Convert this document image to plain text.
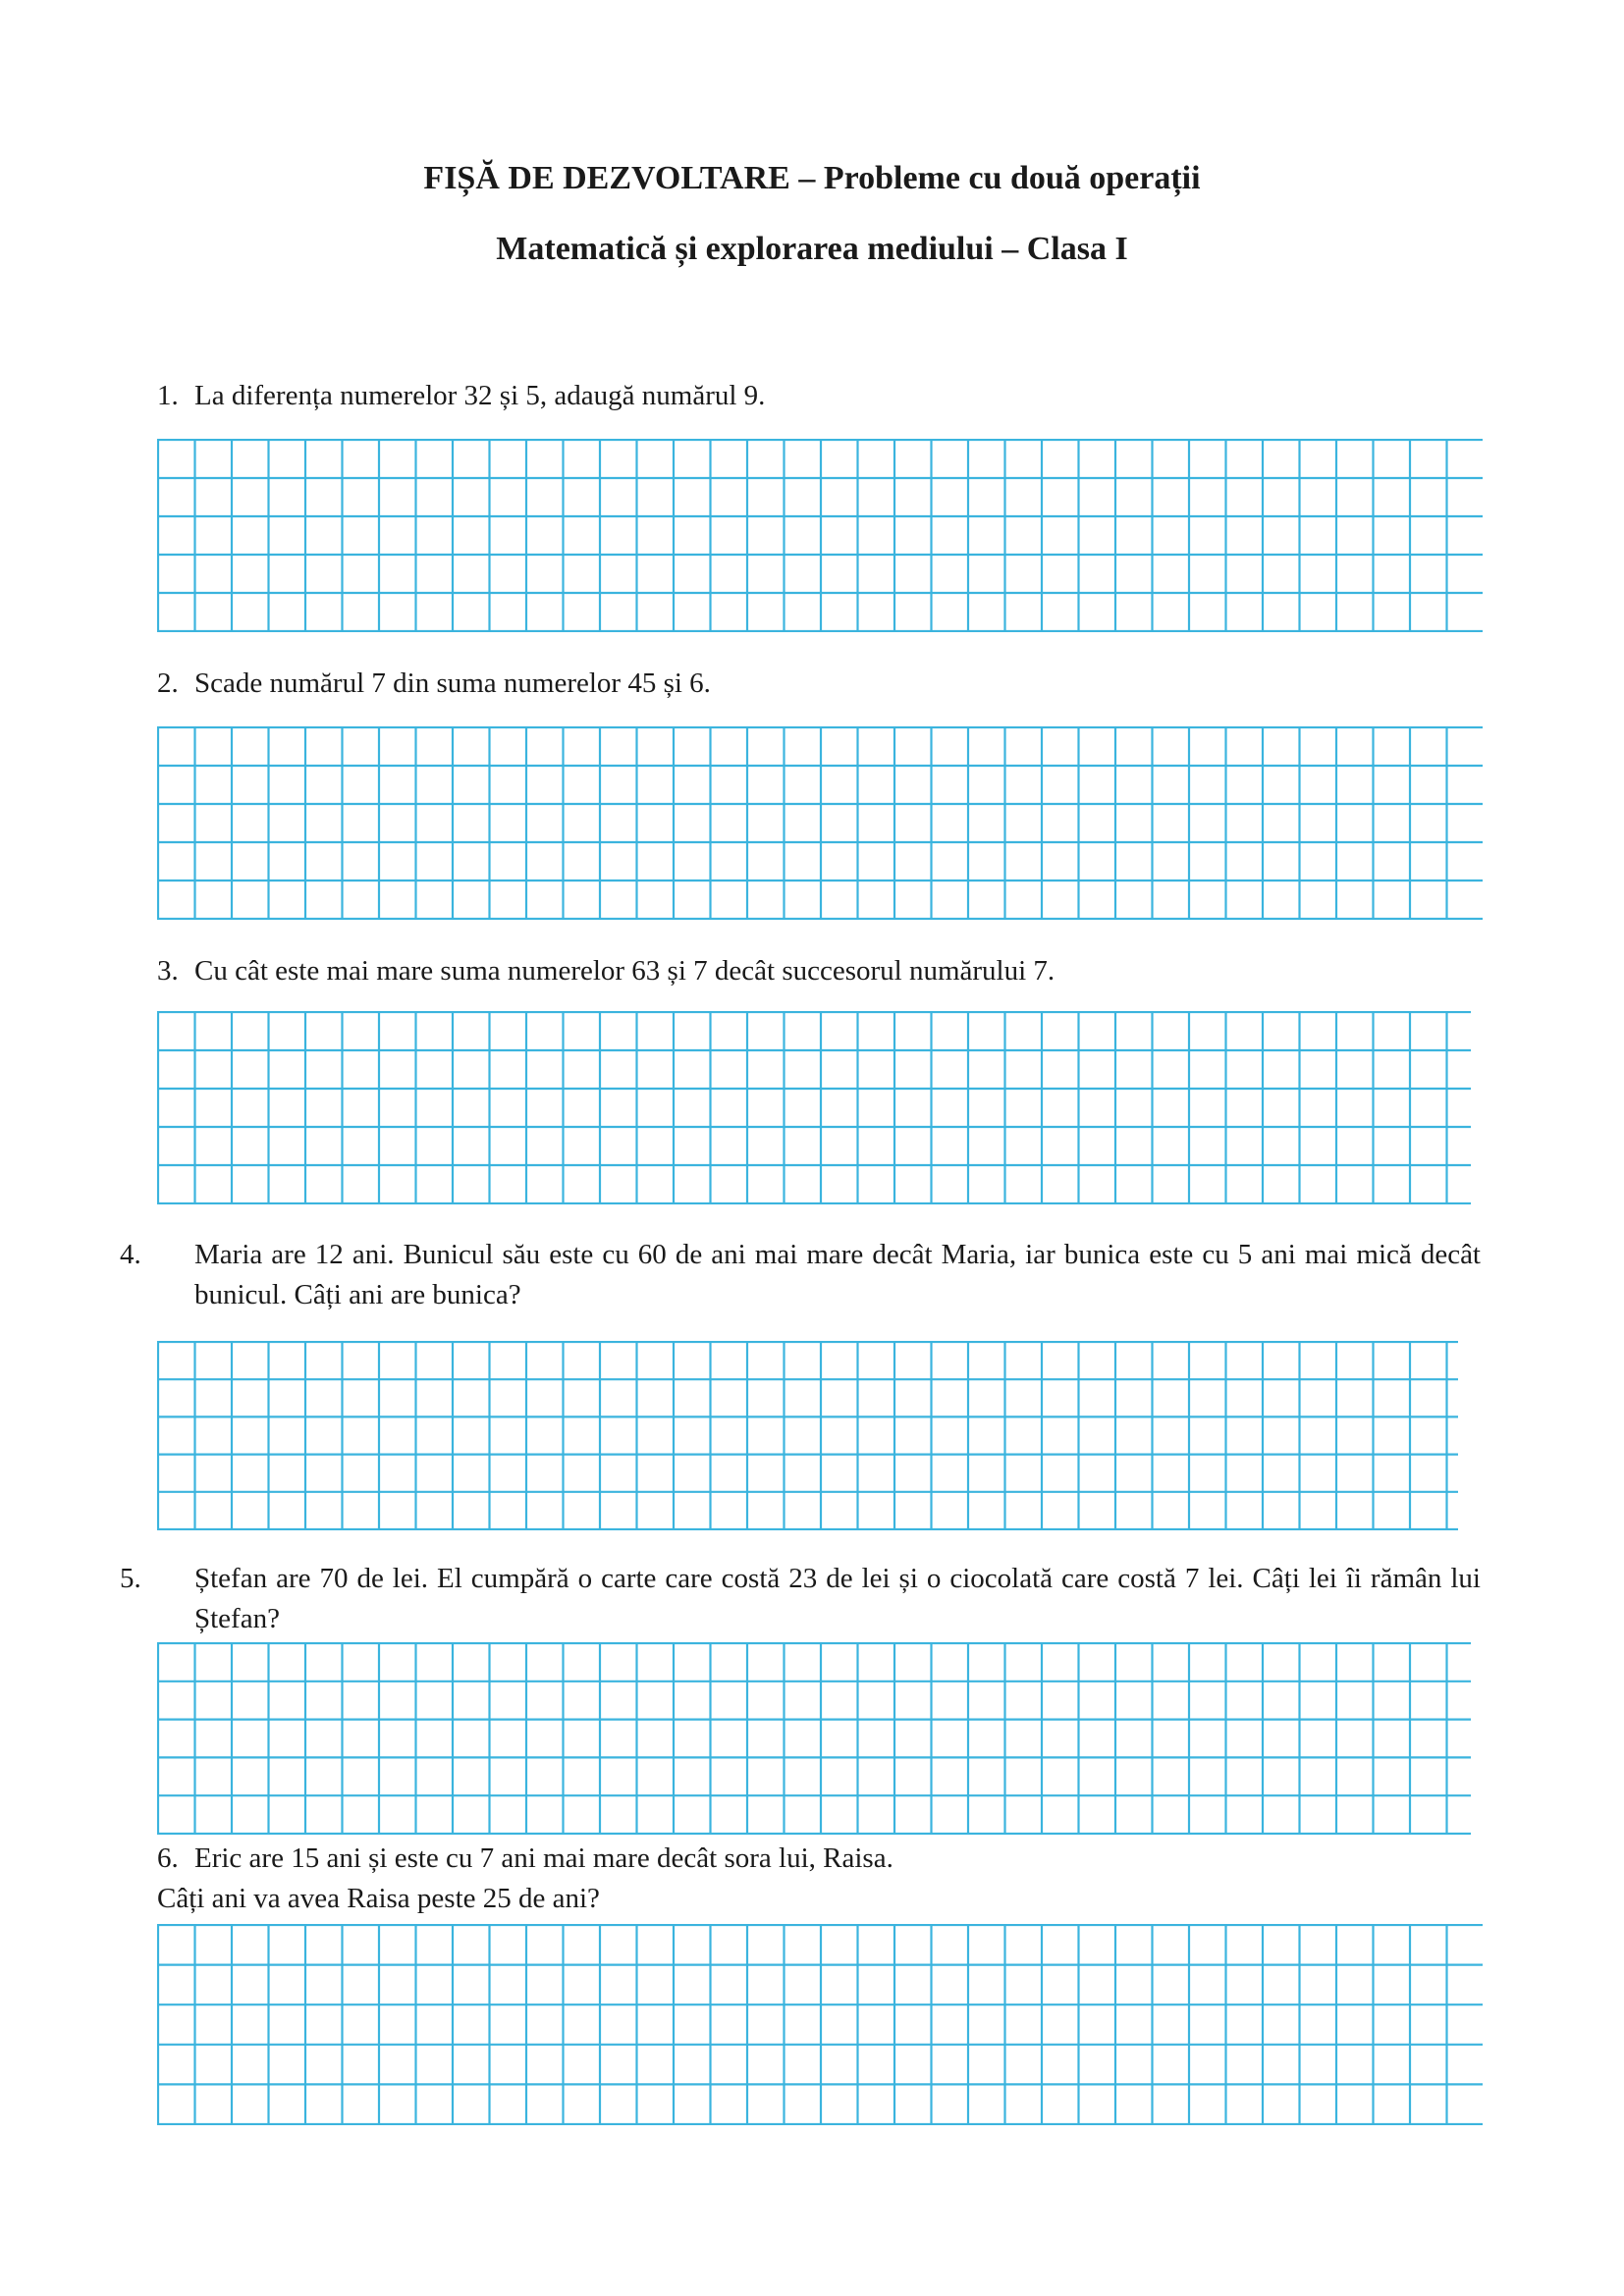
FIȘĂ DE DEZVOLTARE – Probleme cu două operații
Matematică și explorarea mediului – Clasa I

1. La diferența numerelor 32 și 5, adaugă numărul 9.

2. Scade numărul 7 din suma numerelor 45 și 6.

3. Cu cât este mai mare suma numerelor 63 și 7 decât succesorul numărului 7.

4. Maria are 12 ani. Bunicul său este cu 60 de ani mai mare decât Maria, iar bunica este cu 5 ani mai mică decât bunicul. Câți ani are bunica?

5. Ștefan are 70 de lei. El cumpără o carte care costă 23 de lei și o ciocolată care costă 7 lei. Câți lei îi rămân lui Ștefan?

6. Eric are 15 ani și este cu 7 ani mai mare decât sora lui, Raisa.
Câți ani va avea Raisa peste 25 de ani?
